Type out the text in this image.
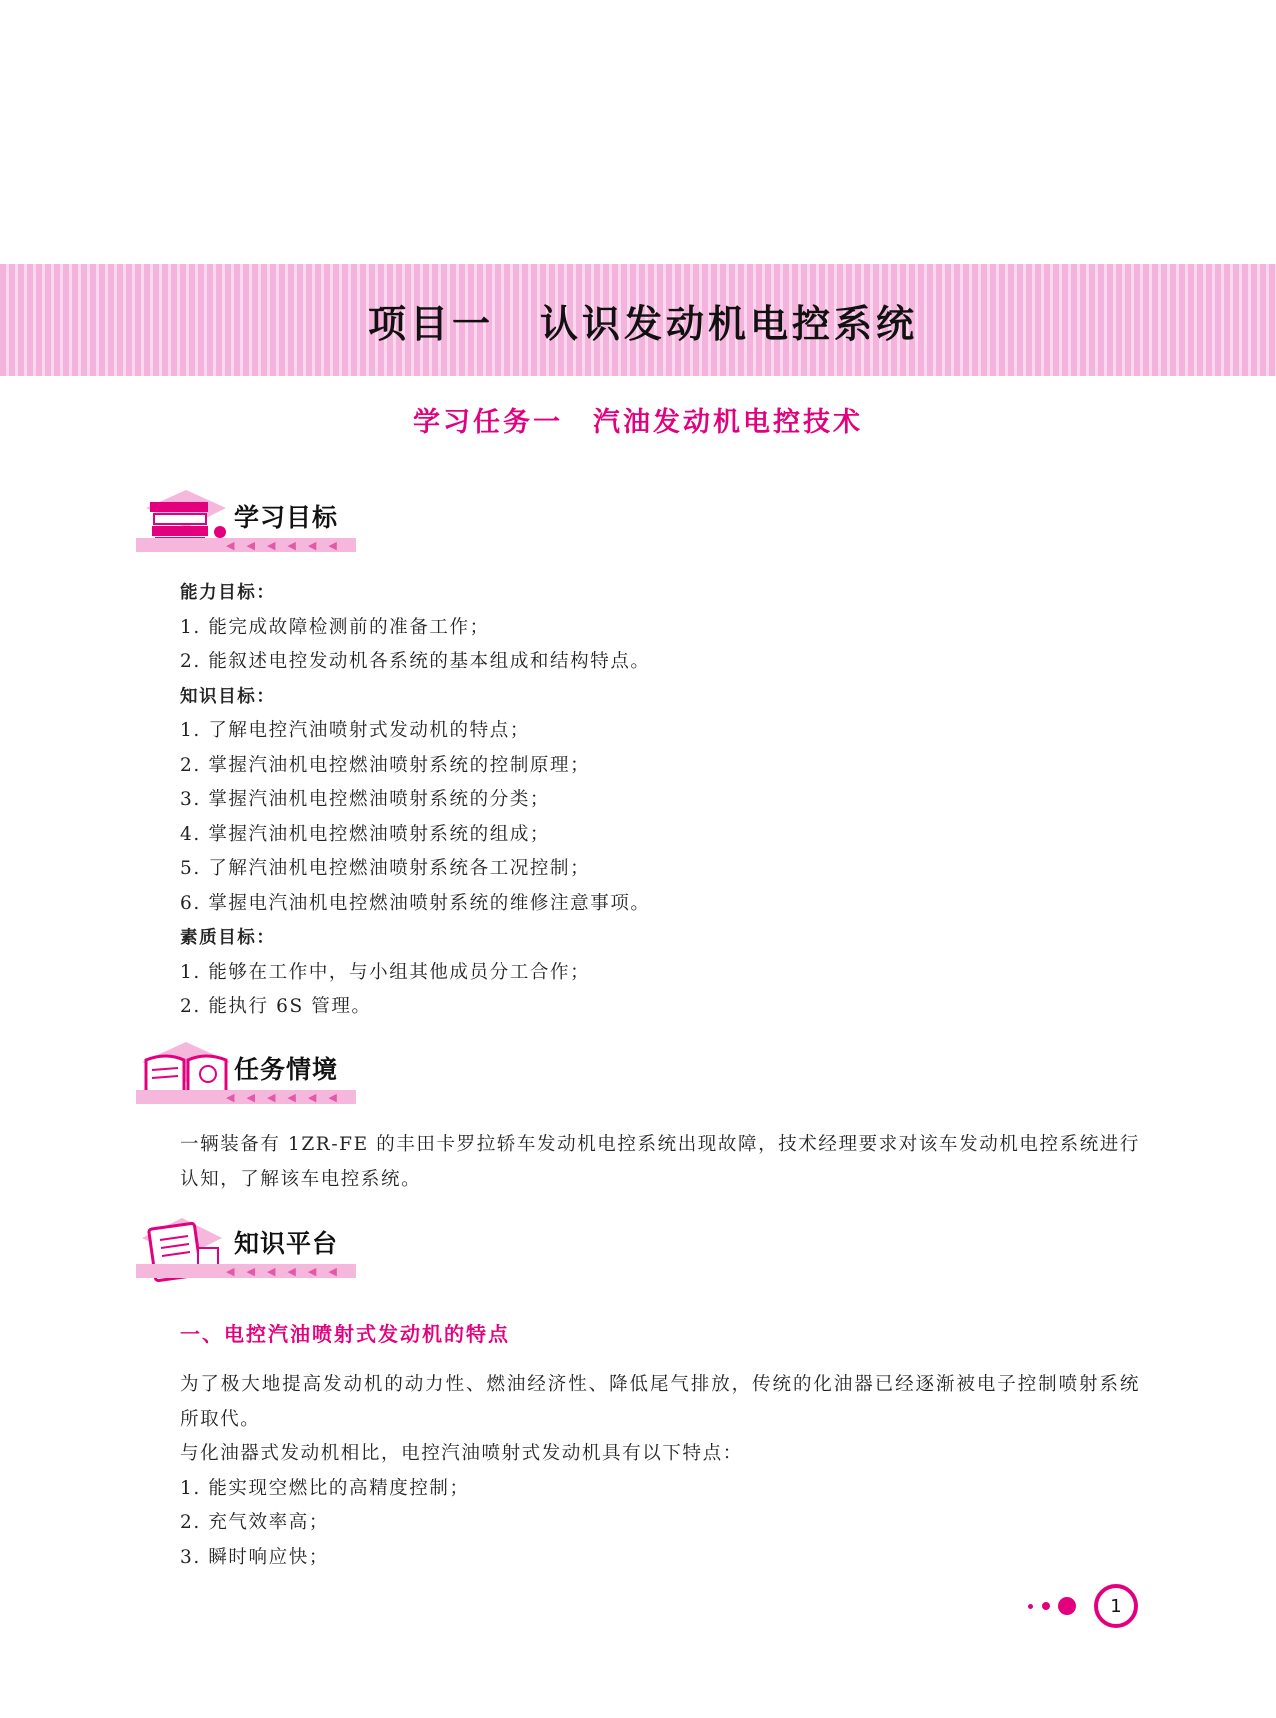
项目一 认识发动机电控系统
学习任务一 汽油发动机电控技术
◀ ◀ ◀ ◀ ◀ ◀
学习目标
能力目标：
1. 能完成故障检测前的准备工作；
2. 能叙述电控发动机各系统的基本组成和结构特点。
知识目标：
1. 了解电控汽油喷射式发动机的特点；
2. 掌握汽油机电控燃油喷射系统的控制原理；
3. 掌握汽油机电控燃油喷射系统的分类；
4. 掌握汽油机电控燃油喷射系统的组成；
5. 了解汽油机电控燃油喷射系统各工况控制；
6. 掌握电汽油机电控燃油喷射系统的维修注意事项。
素质目标：
1. 能够在工作中，与小组其他成员分工合作；
2. 能执行 6S 管理。
◀ ◀ ◀ ◀ ◀ ◀
任务情境
一辆装备有 1ZR-FE 的丰田卡罗拉轿车发动机电控系统出现故障，技术经理要求对该车发动机电控系统进行认知，了解该车电控系统。
◀ ◀ ◀ ◀ ◀ ◀
知识平台
一、电控汽油喷射式发动机的特点
为了极大地提高发动机的动力性、燃油经济性、降低尾气排放，传统的化油器已经逐渐被电子控制喷射系统所取代。
与化油器式发动机相比，电控汽油喷射式发动机具有以下特点：
1. 能实现空燃比的高精度控制；
2. 充气效率高；
3. 瞬时响应快；
1
